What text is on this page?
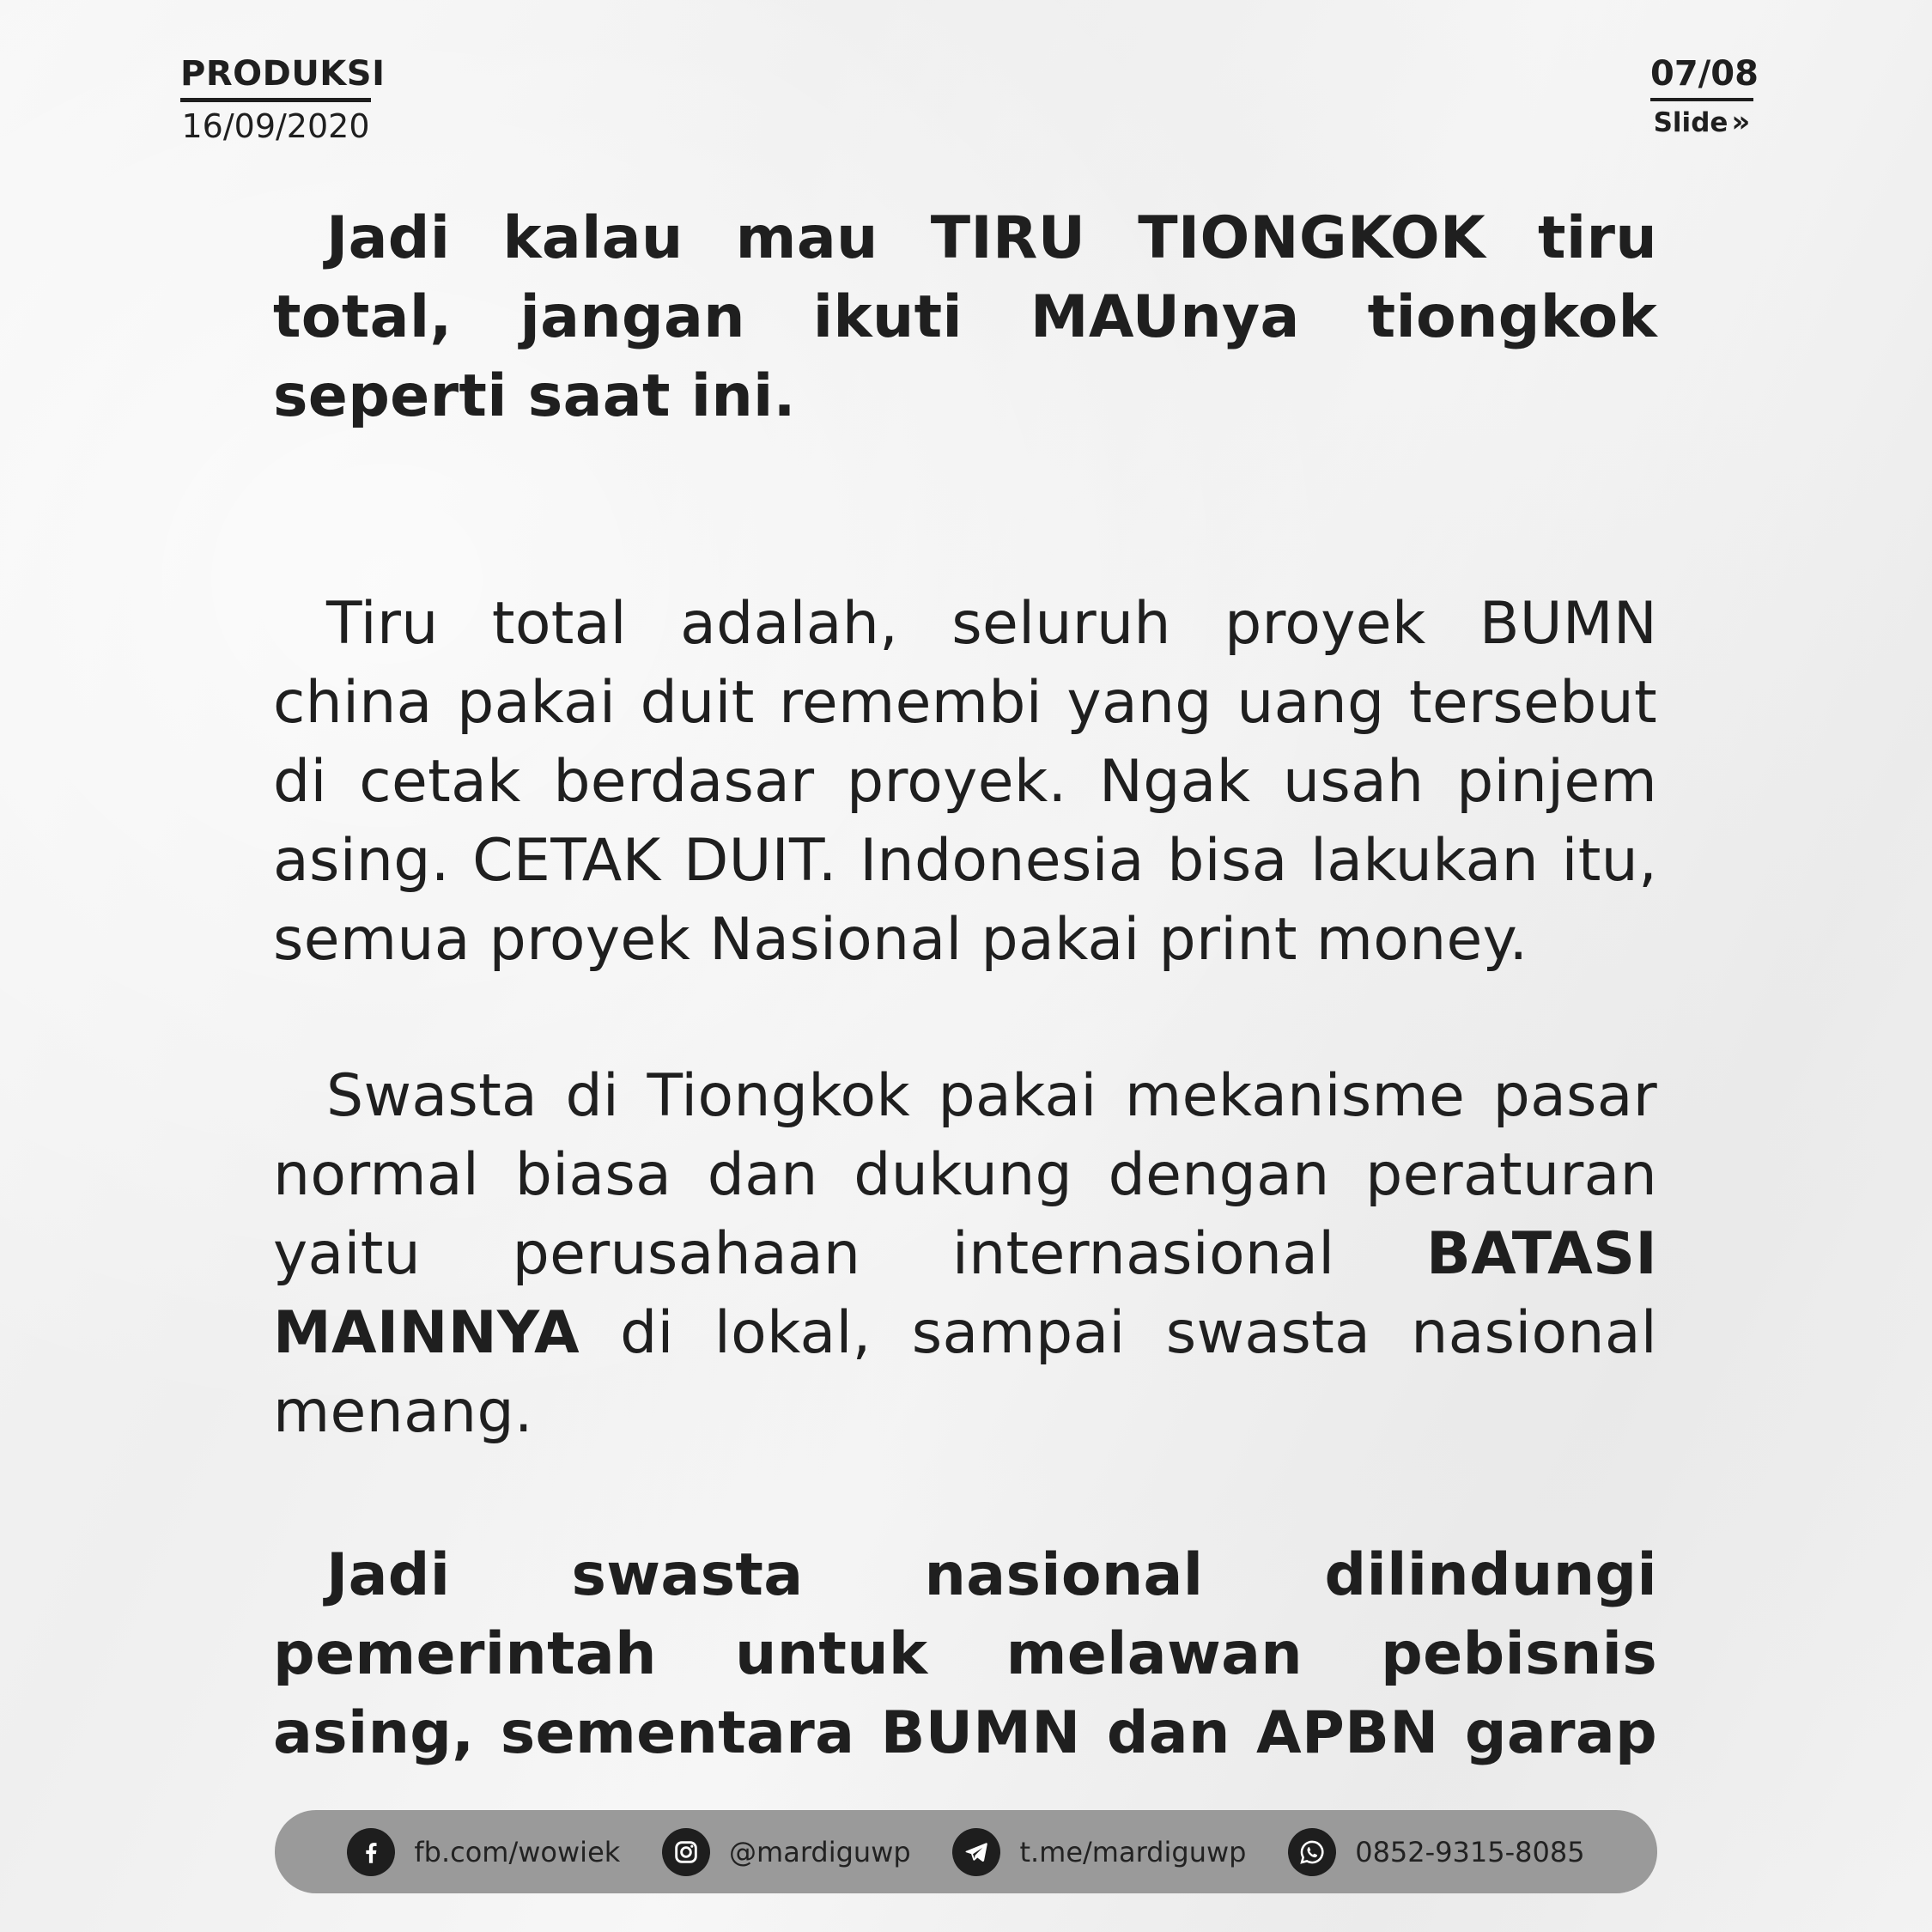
PRODUKSI
16/09/2020
07/08
Slide »

Jadi kalau mau TIRU TIONGKOK tiru total, jangan ikuti MAUnya tiongkok seperti saat ini.

Tiru total adalah, seluruh proyek BUMN china pakai duit remembi yang uang tersebut di cetak berdasar proyek. Ngak usah pinjem asing. CETAK DUIT. Indonesia bisa lakukan itu, semua proyek Nasional pakai print money.

Swasta di Tiongkok pakai mekanisme pasar normal biasa dan dukung dengan peraturan yaitu perusahaan internasional BATASI MAINNYA di lokal, sampai swasta nasional menang.

Jadi swasta nasional dilindungi pemerintah untuk melawan pebisnis asing, sementara BUMN dan APBN garap

fb.com/wowiek	@mardiguwp	t.me/mardiguwp	0852-9315-8085
